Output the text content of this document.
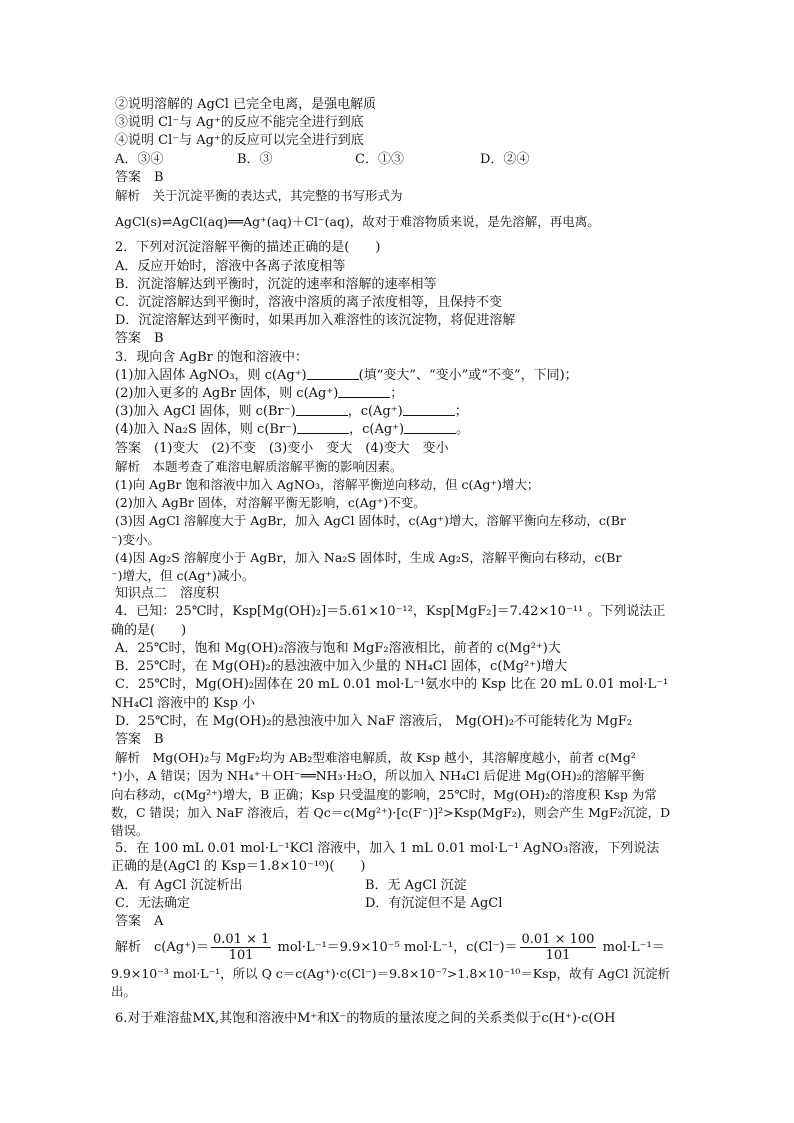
②说明溶解的 AgCl 已完全电离，是强电解质
③说明 Cl⁻与 Ag⁺的反应不能完全进行到底
④说明 Cl⁻与 Ag⁺的反应可以完全进行到底
A．③④	B．③	C．①③	D．②④
答案　B
解析　关于沉淀平衡的表达式，其完整的书写形式为
AgCl(s)⇌AgCl(aq)══Ag⁺(aq)＋Cl⁻(aq)，故对于难溶物质来说，是先溶解，再电离。
2．下列对沉淀溶解平衡的描述正确的是(　　)
A．反应开始时，溶液中各离子浓度相等
B．沉淀溶解达到平衡时，沉淀的速率和溶解的速率相等
C．沉淀溶解达到平衡时，溶液中溶质的离子浓度相等，且保持不变
D．沉淀溶解达到平衡时，如果再加入难溶性的该沉淀物，将促进溶解
答案　B
3．现向含 AgBr 的饱和溶液中：
(1)加入固体 AgNO₃，则 c(Ag⁺)	(填“变大”、“变小”或“不变”，下同)；
(2)加入更多的 AgBr 固体，则 c(Ag⁺)	；
(3)加入 AgCl 固体，则 c(Br⁻)	，c(Ag⁺)	；
(4)加入 Na₂S 固体，则 c(Br⁻)	，c(Ag⁺)	。
答案　(1)变大　(2)不变　(3)变小　变大　(4)变大　变小
解析　本题考查了难溶电解质溶解平衡的影响因素。
(1)向 AgBr 饱和溶液中加入 AgNO₃，溶解平衡逆向移动，但 c(Ag⁺)增大；
(2)加入 AgBr 固体，对溶解平衡无影响，c(Ag⁺)不变。
(3)因 AgCl 溶解度大于 AgBr，加入 AgCl 固体时，c(Ag⁺)增大，溶解平衡向左移动，c(Br
⁻)变小。
(4)因 Ag₂S 溶解度小于 AgBr，加入 Na₂S 固体时，生成 Ag₂S，溶解平衡向右移动，c(Br
⁻)增大，但 c(Ag⁺)减小。
知识点二　溶度积
4．已知：25℃时，Ksp[Mg(OH)₂]＝5.61×10⁻¹²，Ksp[MgF₂]＝7.42×10⁻¹¹ 。下列说法正
确的是(　　)
A．25℃时，饱和 Mg(OH)₂溶液与饱和 MgF₂溶液相比，前者的 c(Mg²⁺)大
B．25℃时，在 Mg(OH)₂的悬浊液中加入少量的 NH₄Cl 固体，c(Mg²⁺)增大
C．25℃时，Mg(OH)₂固体在 20 mL 0.01 mol·L⁻¹氨水中的 Ksp 比在 20 mL 0.01 mol·L⁻¹
NH₄Cl 溶液中的 Ksp 小
D．25℃时，在 Mg(OH)₂的悬浊液中加入 NaF 溶液后， Mg(OH)₂不可能转化为 MgF₂
答案　B
解析　Mg(OH)₂与 MgF₂均为 AB₂型难溶电解质，故 Ksp 越小，其溶解度越小，前者 c(Mg²
⁺)小，A 错误；因为 NH₄⁺＋OH⁻══NH₃·H₂O，所以加入 NH₄Cl 后促进 Mg(OH)₂的溶解平衡
向右移动，c(Mg²⁺)增大，B 正确；Ksp 只受温度的影响，25℃时，Mg(OH)₂的溶度积 Ksp 为常
数，C 错误；加入 NaF 溶液后，若 Qc＝c(Mg²⁺)·[c(F⁻)]²>Ksp(MgF₂)，则会产生 MgF₂沉淀，D
错误。
5．在 100 mL 0.01 mol·L⁻¹KCl 溶液中，加入 1 mL 0.01 mol·L⁻¹ AgNO₃溶液，下列说法
正确的是(AgCl 的 Ksp＝1.8×10⁻¹⁰)(　　)
A．有 AgCl 沉淀析出	B．无 AgCl 沉淀
C．无法确定	D．有沉淀但不是 AgCl
答案　A
解析　$c(Ag^+)= \frac{0.01 \times 1}{101} mol\cdot L^{-1}=9.9\times 10^{-5}$ mol·L⁻¹，$c(Cl^-)= \frac{0.01 \times 100}{101} mol\cdot L^{-1}=$
9.9×10⁻³ mol·L⁻¹，所以 Q c＝c(Ag⁺)·c(Cl⁻)＝9.8×10⁻⁷>1.8×10⁻¹⁰＝Ksp，故有 AgCl 沉淀析
出。
6.对于难溶盐MX,其饱和溶液中M⁺和X⁻的物质的量浓度之间的关系类似于c(H⁺)·c(OH
